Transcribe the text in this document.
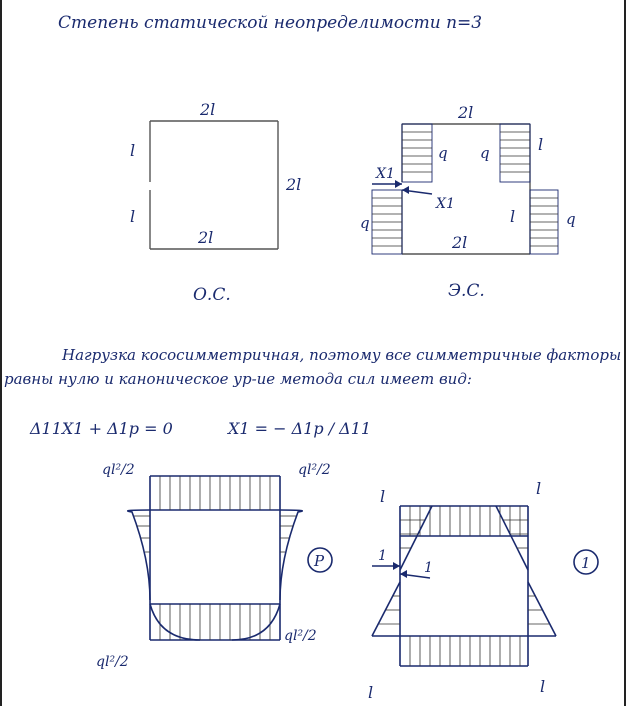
Степень статической неопределимости n=3
2l
l
l
2l
2l
О.С.
X1
X1
2l
q q	l
l
q	q
2l
Э.С.
Нагрузка кососимметричная, поэтому все симметричные факторы
равны нулю и каноническое ур-ие метода сил имеет вид:
Δ11X1 + Δ1p = 0	X1 = − Δ1p / Δ11
ql²/2	ql²/2
ql²/2
ql²/2
P	1
1
l	l
l	l
1
